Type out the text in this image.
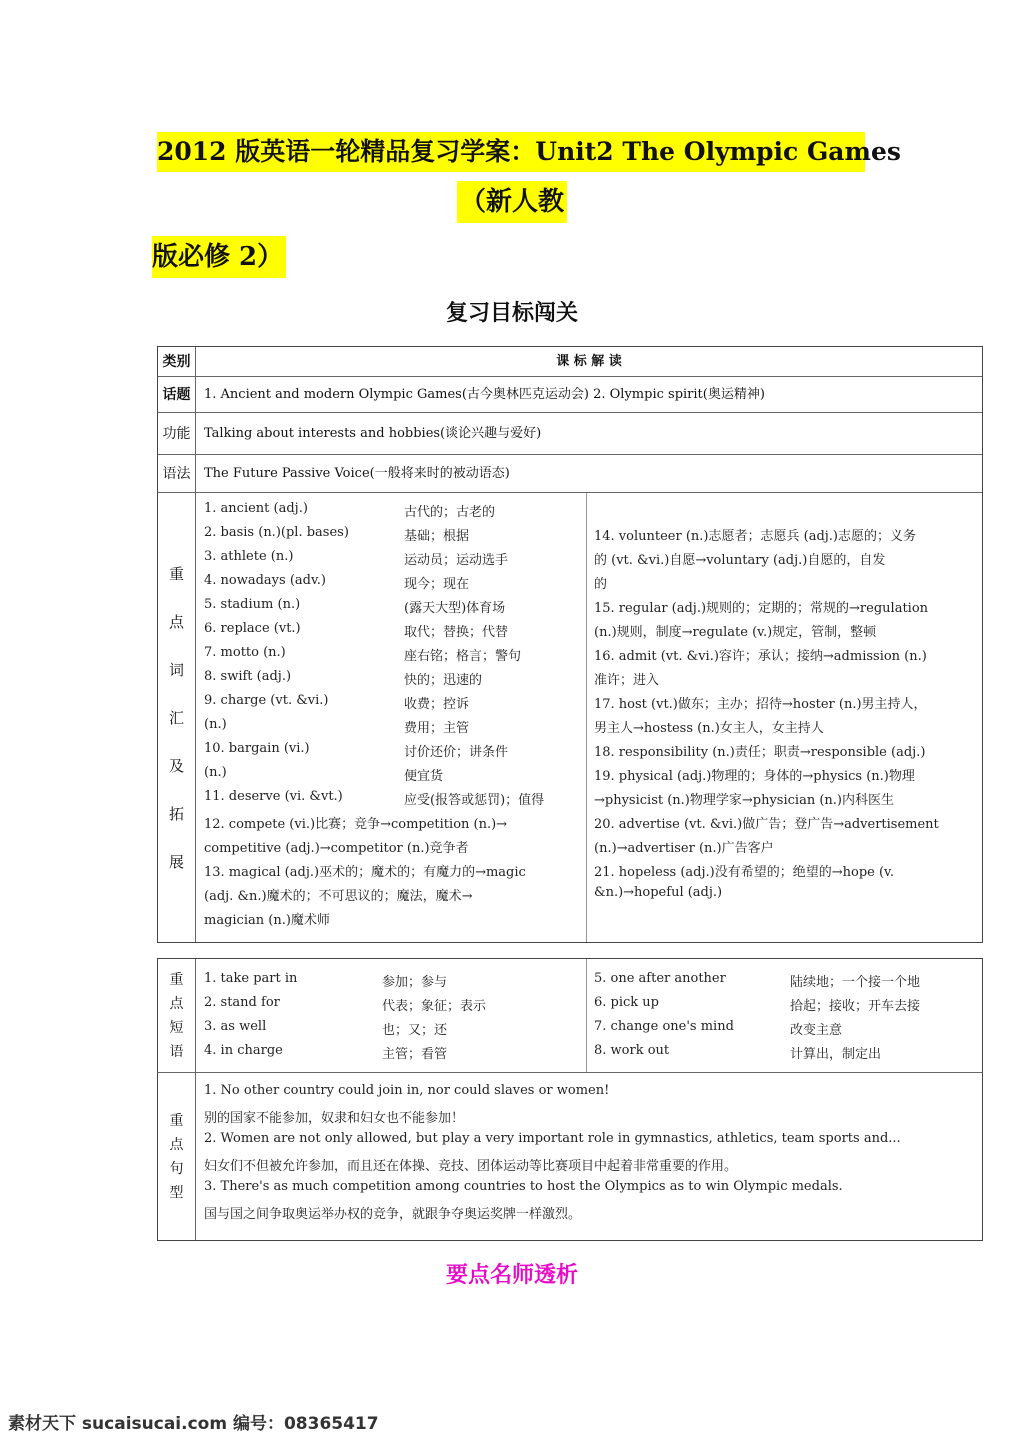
2012 版英语一轮精品复习学案：Unit2 The Olympic Games
（新人教
版必修 2）
复习目标闯关
类别	课 标 解 读
话题	1. Ancient and modern Olympic Games(古今奥林匹克运动会) 2. Olympic spirit(奥运精神)
功能	Talking about interests and hobbies(谈论兴趣与爱好)
语法	The Future Passive Voice(一般将来时的被动语态)
重
点
词
汇
及
拓
展
1. ancient (adj.)	古代的；古老的
2. basis (n.)(pl. bases)	基础；根据
3. athlete (n.)	运动员；运动选手
4. nowadays (adv.)	现今；现在
5. stadium (n.)	(露天大型)体育场
6. replace (vt.)	取代；替换；代替
7. motto (n.)	座右铭；格言；警句
8. swift (adj.)	快的；迅速的
9. charge (vt. &vi.)	收费；控诉
(n.)	费用；主管
10. bargain (vi.)	讨价还价；讲条件
(n.)	便宜货
11. deserve (vi. &vt.)	应受(报答或惩罚)；值得
12. compete (vi.)比赛；竞争→competition (n.)→
competitive (adj.)→competitor (n.)竞争者
13. magical (adj.)巫术的；魔术的；有魔力的→magic
(adj. &n.)魔术的；不可思议的；魔法，魔术→
magician (n.)魔术师
14. volunteer (n.)志愿者；志愿兵 (adj.)志愿的；义务
的 (vt. &vi.)自愿→voluntary (adj.)自愿的，自发
的
15. regular (adj.)规则的；定期的；常规的→regulation
(n.)规则，制度→regulate (v.)规定，管制，整顿
16. admit (vt. &vi.)容许；承认；接纳→admission (n.)
准许；进入
17. host (vt.)做东；主办；招待→hoster (n.)男主持人，
男主人→hostess (n.)女主人，女主持人
18. responsibility (n.)责任；职责→responsible (adj.)
19. physical (adj.)物理的；身体的→physics (n.)物理
→physicist (n.)物理学家→physician (n.)内科医生
20. advertise (vt. &vi.)做广告；登广告→advertisement
(n.)→advertiser (n.)广告客户
21. hopeless (adj.)没有希望的；绝望的→hope (v.
&n.)→hopeful (adj.)
重
点
短
语
1. take part in	参加；参与
2. stand for	代表；象征；表示
3. as well	也；又；还
4. in charge	主管；看管
5. one after another	陆续地；一个接一个地
6. pick up	拾起；接收；开车去接
7. change one's mind	改变主意
8. work out	计算出，制定出
重
点
句
型
1. No other country could join in, nor could slaves or women!
别的国家不能参加，奴隶和妇女也不能参加！
2. Women are not only allowed, but play a very important role in gymnastics, athletics, team sports and...
妇女们不但被允许参加，而且还在体操、竞技、团体运动等比赛项目中起着非常重要的作用。
3. There's as much competition among countries to host the Olympics as to win Olympic medals.
国与国之间争取奥运举办权的竞争，就跟争夺奥运奖牌一样激烈。
要点名师透析
素材天下 sucaisucai.com 编号：08365417
